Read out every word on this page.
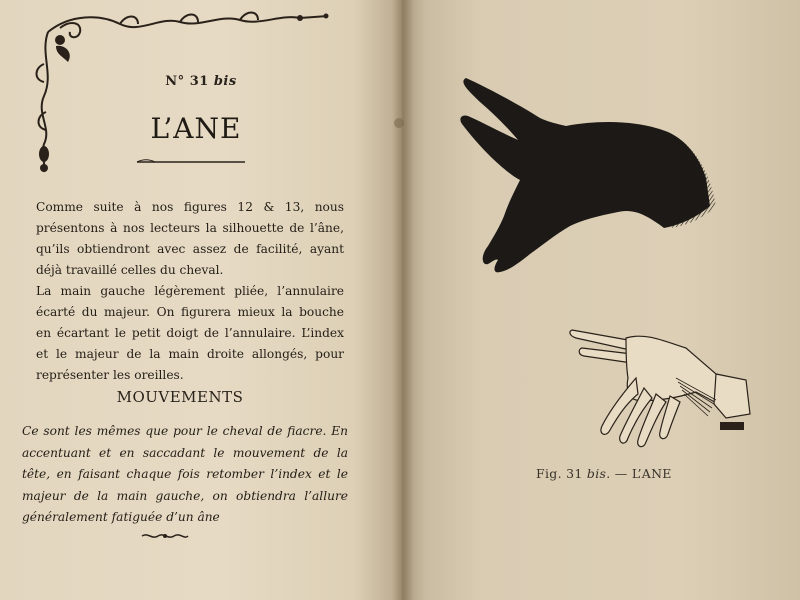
N° 31 bis
L’ANE

Comme suite à nos figures 12 & 13, nous présentons à nos lecteurs la silhouette de l’âne, qu’ils obtiendront avec assez de facilité, ayant déjà travaillé celles du cheval.

La main gauche légèrement pliée, l’annulaire écarté du majeur. On figurera mieux la bouche en écartant le petit doigt de l’annulaire. L’index et le majeur de la main droite allongés, pour représenter les oreilles.

MOUVEMENTS
Ce sont les mêmes que pour le cheval de fiacre. En accentuant et en saccadant le mouvement de la tête, en faisant chaque fois retomber l’index et le majeur de la main gauche, on obtiendra l’allure généralement fatiguée d’un âne
Fig. 31 bis. — L’ANE
